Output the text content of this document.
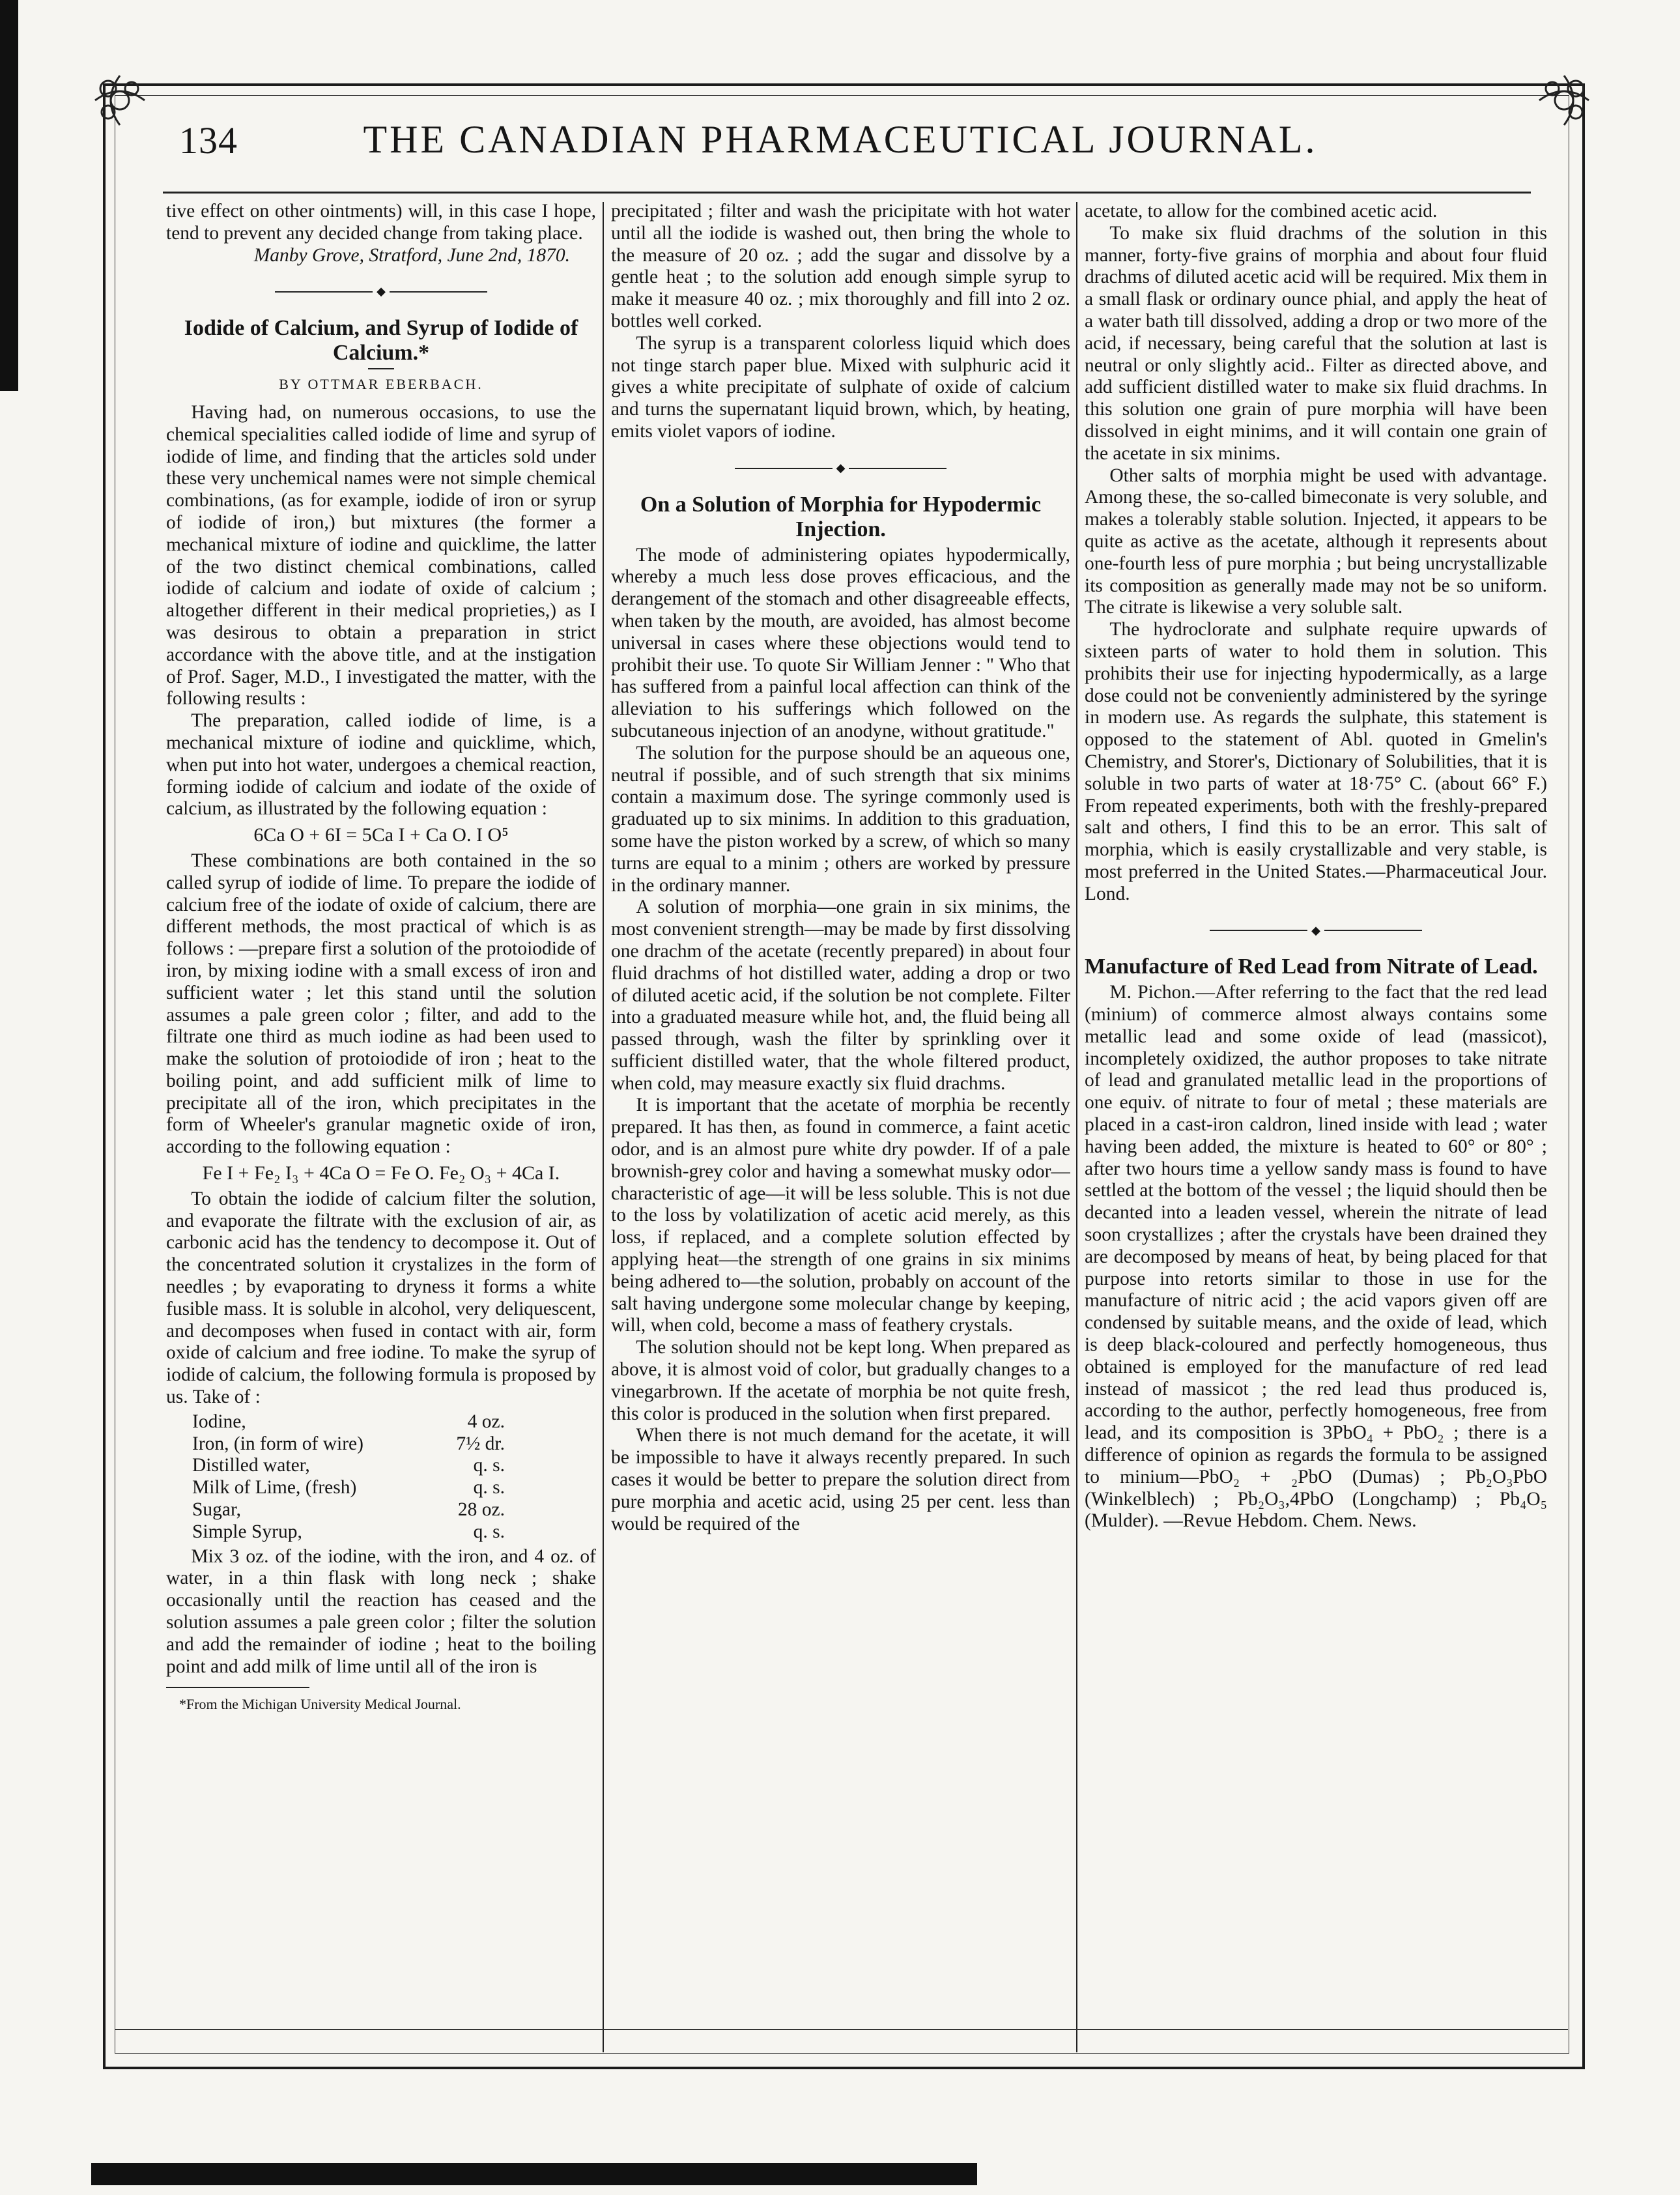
134	THE CANADIAN PHARMACEUTICAL JOURNAL.

tive effect on other ointments) will, in this case I hope, tend to prevent any decided change from taking place.

Manby Grove, Stratford, June 2nd, 1870.

◆
Iodide of Calcium, and Syrup of Iodide of Calcium.*
BY OTTMAR EBERBACH.

Having had, on numerous occasions, to use the chemical specialities called iodide of lime and syrup of iodide of lime, and finding that the articles sold under these very unchemical names were not simple chemical combinations, (as for example, iodide of iron or syrup of iodide of iron,) but mixtures (the former a mechanical mixture of iodine and quicklime, the latter of the two distinct chemical combinations, called iodide of calcium and iodate of oxide of calcium ; altogether different in their medical proprieties,) as I was desirous to obtain a preparation in strict accordance with the above title, and at the instigation of Prof. Sager, M.D., I investigated the matter, with the following results :

The preparation, called iodide of lime, is a mechanical mixture of iodine and quicklime, which, when put into hot water, undergoes a chemical reaction, forming iodide of calcium and iodate of the oxide of calcium, as illustrated by the following equation :

6Ca O + 6I = 5Ca I + Ca O. I O⁵

These combinations are both contained in the so called syrup of iodide of lime. To prepare the iodide of calcium free of the iodate of oxide of calcium, there are different methods, the most practical of which is as follows : —prepare first a solution of the protoiodide of iron, by mixing iodine with a small excess of iron and sufficient water ; let this stand until the solution assumes a pale green color ; filter, and add to the filtrate one third as much iodine as had been used to make the solution of protoiodide of iron ; heat to the boiling point, and add sufficient milk of lime to precipitate all of the iron, which precipitates in the form of Wheeler's granular magnetic oxide of iron, according to the following equation :

Fe I + Fe₂ I₃ + 4Ca O = Fe O. Fe₂ O₃ + 4Ca I.

To obtain the iodide of calcium filter the solution, and evaporate the filtrate with the exclusion of air, as carbonic acid has the tendency to decompose it. Out of the concentrated solution it crystalizes in the form of needles ; by evaporating to dryness it forms a white fusible mass. It is soluble in alcohol, very deliquescent, and decomposes when fused in contact with air, form oxide of calcium and free iodine. To make the syrup of iodide of calcium, the following formula is proposed by us. Take of :

Iodine,	4 oz.
Iron, (in form of wire)	7½ dr.
Distilled water,	q. s.
Milk of Lime, (fresh)	q. s.
Sugar,	28 oz.
Simple Syrup,	q. s.

Mix 3 oz. of the iodine, with the iron, and 4 oz. of water, in a thin flask with long neck ; shake occasionally until the reaction has ceased and the solution assumes a pale green color ; filter the solution and add the remainder of iodine ; heat to the boiling point and add milk of lime until all of the iron is

*From the Michigan University Medical Journal.

precipitated ; filter and wash the pricipitate with hot water until all the iodide is washed out, then bring the whole to the measure of 20 oz. ; add the sugar and dissolve by a gentle heat ; to the solution add enough simple syrup to make it measure 40 oz. ; mix thoroughly and fill into 2 oz. bottles well corked.

The syrup is a transparent colorless liquid which does not tinge starch paper blue. Mixed with sulphuric acid it gives a white precipitate of sulphate of oxide of calcium and turns the supernatant liquid brown, which, by heating, emits violet vapors of iodine.

◆
On a Solution of Morphia for Hypodermic Injection.

The mode of administering opiates hypodermically, whereby a much less dose proves efficacious, and the derangement of the stomach and other disagreeable effects, when taken by the mouth, are avoided, has almost become universal in cases where these objections would tend to prohibit their use. To quote Sir William Jenner : " Who that has suffered from a painful local affection can think of the alleviation to his sufferings which followed on the subcutaneous injection of an anodyne, without gratitude."

The solution for the purpose should be an aqueous one, neutral if possible, and of such strength that six minims contain a maximum dose. The syringe commonly used is graduated up to six minims. In addition to this graduation, some have the piston worked by a screw, of which so many turns are equal to a minim ; others are worked by pressure in the ordinary manner.

A solution of morphia—one grain in six minims, the most convenient strength—may be made by first dissolving one drachm of the acetate (recently prepared) in about four fluid drachms of hot distilled water, adding a drop or two of diluted acetic acid, if the solution be not complete. Filter into a graduated measure while hot, and, the fluid being all passed through, wash the filter by sprinkling over it sufficient distilled water, that the whole filtered product, when cold, may measure exactly six fluid drachms.

It is important that the acetate of morphia be recently prepared. It has then, as found in commerce, a faint acetic odor, and is an almost pure white dry powder. If of a pale brownish-grey color and having a somewhat musky odor—characteristic of age—it will be less soluble. This is not due to the loss by volatilization of acetic acid merely, as this loss, if replaced, and a complete solution effected by applying heat—the strength of one grains in six minims being adhered to—the solution, probably on account of the salt having undergone some molecular change by keeping, will, when cold, become a mass of feathery crystals.

The solution should not be kept long. When prepared as above, it is almost void of color, but gradually changes to a vinegarbrown. If the acetate of morphia be not quite fresh, this color is produced in the solution when first prepared.

When there is not much demand for the acetate, it will be impossible to have it always recently prepared. In such cases it would be better to prepare the solution direct from pure morphia and acetic acid, using 25 per cent. less than would be required of the

acetate, to allow for the combined acetic acid.

To make six fluid drachms of the solution in this manner, forty-five grains of morphia and about four fluid drachms of diluted acetic acid will be required. Mix them in a small flask or ordinary ounce phial, and apply the heat of a water bath till dissolved, adding a drop or two more of the acid, if necessary, being careful that the solution at last is neutral or only slightly acid.. Filter as directed above, and add sufficient distilled water to make six fluid drachms. In this solution one grain of pure morphia will have been dissolved in eight minims, and it will contain one grain of the acetate in six minims.

Other salts of morphia might be used with advantage. Among these, the so-called bimeconate is very soluble, and makes a tolerably stable solution. Injected, it appears to be quite as active as the acetate, although it represents about one-fourth less of pure morphia ; but being uncrystallizable its composition as generally made may not be so uniform. The citrate is likewise a very soluble salt.

The hydroclorate and sulphate require upwards of sixteen parts of water to hold them in solution. This prohibits their use for injecting hypodermically, as a large dose could not be conveniently administered by the syringe in modern use. As regards the sulphate, this statement is opposed to the statement of Abl. quoted in Gmelin's Chemistry, and Storer's, Dictionary of Solubilities, that it is soluble in two parts of water at 18·75° C. (about 66° F.) From repeated experiments, both with the freshly-prepared salt and others, I find this to be an error. This salt of morphia, which is easily crystallizable and very stable, is most preferred in the United States.—Pharmaceutical Jour. Lond.

◆
Manufacture of Red Lead from Nitrate of Lead.

M. Pichon.—After referring to the fact that the red lead (minium) of commerce almost always contains some metallic lead and some oxide of lead (massicot), incompletely oxidized, the author proposes to take nitrate of lead and granulated metallic lead in the proportions of one equiv. of nitrate to four of metal ; these materials are placed in a cast-iron caldron, lined inside with lead ; water having been added, the mixture is heated to 60° or 80° ; after two hours time a yellow sandy mass is found to have settled at the bottom of the vessel ; the liquid should then be decanted into a leaden vessel, wherein the nitrate of lead soon crystallizes ; after the crystals have been drained they are decomposed by means of heat, by being placed for that purpose into retorts similar to those in use for the manufacture of nitric acid ; the acid vapors given off are condensed by suitable means, and the oxide of lead, which is deep black-coloured and perfectly homogeneous, thus obtained is employed for the manufacture of red lead instead of massicot ; the red lead thus produced is, according to the author, perfectly homogeneous, free from lead, and its composition is 3PbO₄ + PbO₂ ; there is a difference of opinion as regards the formula to be assigned to minium—PbO₂ + ₂PbO (Dumas) ; Pb₂O₃PbO (Winkelblech) ; Pb₂O₃,4PbO (Longchamp) ; Pb₄O₅ (Mulder). —Revue Hebdom. Chem. News.
